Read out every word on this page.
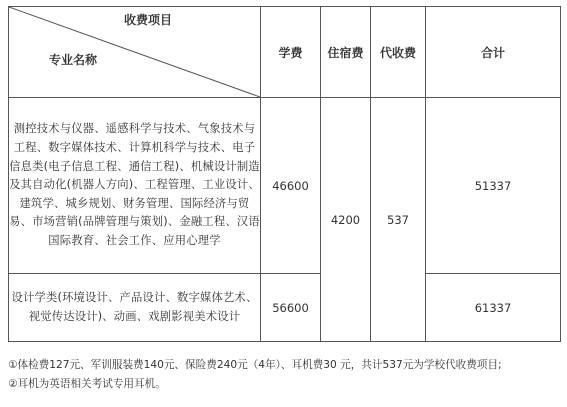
收费项目
专业名称	学费	住宿费	代收费	合计
测控技术与仪器、遥感科学与技术、气象技术与工程、数字媒体技术、计算机科学与技术、电子信息类(电子信息工程、通信工程)、机械设计制造及其自动化(机器人方向)、工程管理、工业设计、建筑学、城乡规划、财务管理、国际经济与贸易、市场营销(品牌管理与策划)、金融工程、汉语国际教育、社会工作、应用心理学	46600	4200	537	51337
设计学类(环境设计、产品设计、数字媒体艺术、视觉传达设计)、动画、戏剧影视美术设计	56600			61337
①体检费127元、军训服装费140元、保险费240元（4年）、耳机费30 元，共计537元为学校代收费项目;
②耳机为英语相关考试专用耳机。
